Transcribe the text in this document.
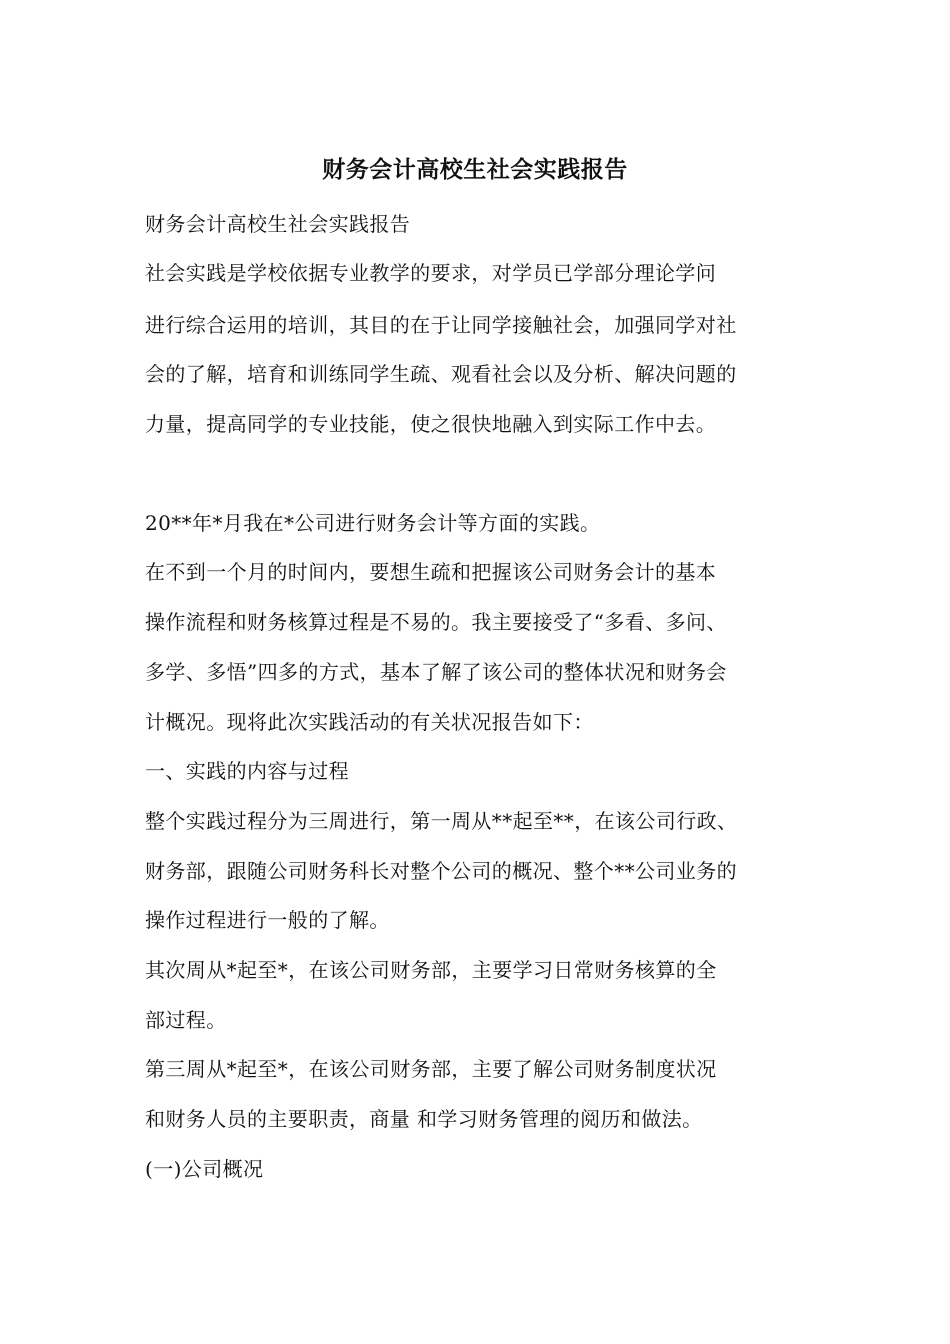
财务会计高校生社会实践报告
财务会计高校生社会实践报告
社会实践是学校依据专业教学的要求，对学员已学部分理论学问
进行综合运用的培训，其目的在于让同学接触社会，加强同学对社
会的了解，培育和训练同学生疏、观看社会以及分析、解决问题的
力量，提高同学的专业技能，使之很快地融入到实际工作中去。
20**年*月我在*公司进行财务会计等方面的实践。
在不到一个月的时间内，要想生疏和把握该公司财务会计的基本
操作流程和财务核算过程是不易的。我主要接受了“多看、多问、
多学、多悟”四多的方式，基本了解了该公司的整体状况和财务会
计概况。现将此次实践活动的有关状况报告如下：
一、实践的内容与过程
整个实践过程分为三周进行，第一周从**起至**，在该公司行政、
财务部，跟随公司财务科长对整个公司的概况、整个**公司业务的
操作过程进行一般的了解。
其次周从*起至*，在该公司财务部，主要学习日常财务核算的全
部过程。
第三周从*起至*，在该公司财务部，主要了解公司财务制度状况
和财务人员的主要职责，商量 和学习财务管理的阅历和做法。
(一)公司概况
